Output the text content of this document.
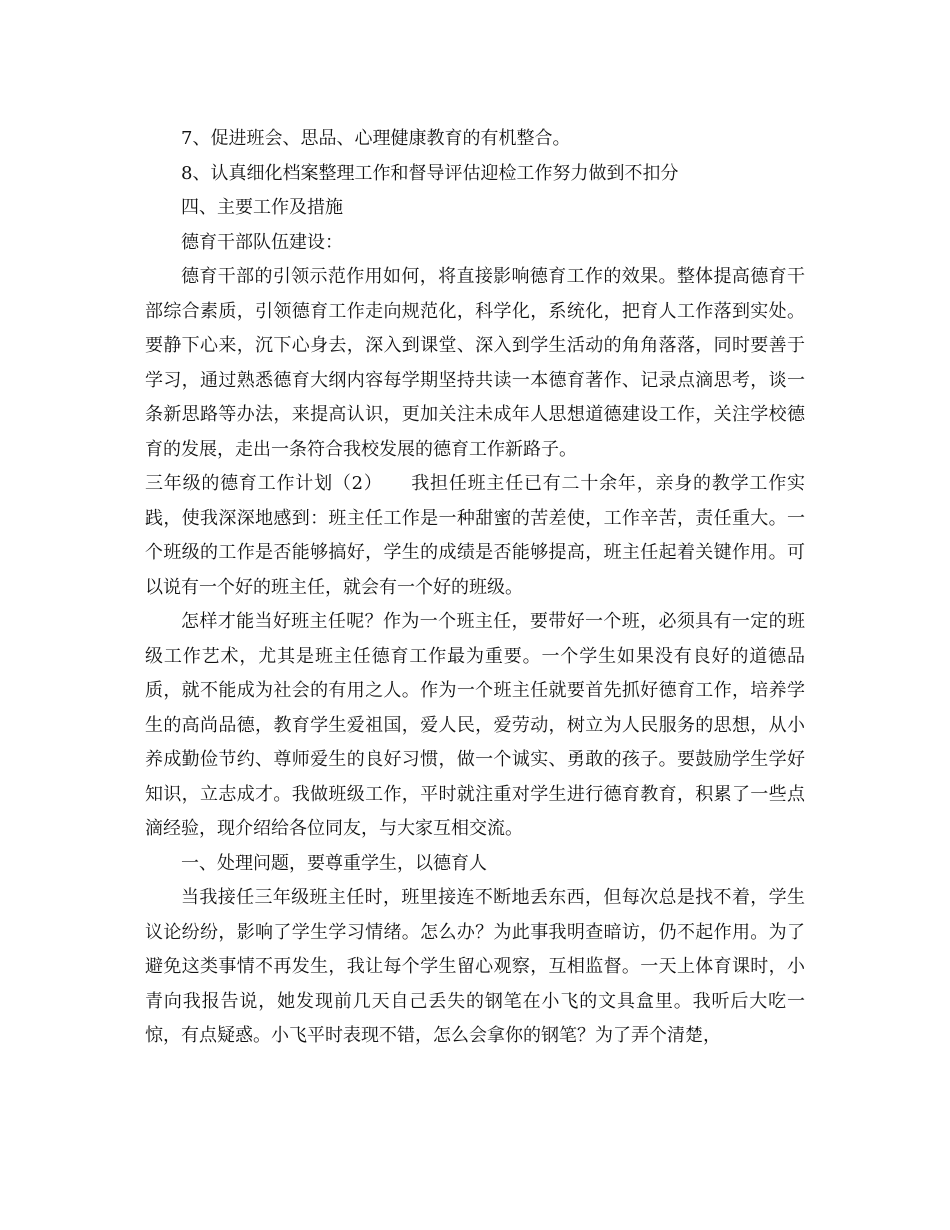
7、促进班会、思品、心理健康教育的有机整合。

8、认真细化档案整理工作和督导评估迎检工作努力做到不扣分

四、主要工作及措施

德育干部队伍建设：

德育干部的引领示范作用如何，将直接影响德育工作的效果。整体提高德育干部综合素质，引领德育工作走向规范化，科学化，系统化，把育人工作落到实处。要静下心来，沉下心身去，深入到课堂、深入到学生活动的角角落落，同时要善于学习，通过熟悉德育大纲内容每学期坚持共读一本德育著作、记录点滴思考，谈一条新思路等办法，来提高认识，更加关注未成年人思想道德建设工作，关注学校德育的发展，走出一条符合我校发展的德育工作新路子。

三年级的德育工作计划（2）　　我担任班主任已有二十余年，亲身的教学工作实践，使我深深地感到：班主任工作是一种甜蜜的苦差使，工作辛苦，责任重大。一个班级的工作是否能够搞好，学生的成绩是否能够提高，班主任起着关键作用。可以说有一个好的班主任，就会有一个好的班级。

怎样才能当好班主任呢？作为一个班主任，要带好一个班，必须具有一定的班级工作艺术，尤其是班主任德育工作最为重要。一个学生如果没有良好的道德品质，就不能成为社会的有用之人。作为一个班主任就要首先抓好德育工作，培养学生的高尚品德，教育学生爱祖国，爱人民，爱劳动，树立为人民服务的思想，从小养成勤俭节约、尊师爱生的良好习惯，做一个诚实、勇敢的孩子。要鼓励学生学好知识，立志成才。我做班级工作，平时就注重对学生进行德育教育，积累了一些点滴经验，现介绍给各位同友，与大家互相交流。

一、处理问题，要尊重学生，以德育人

当我接任三年级班主任时，班里接连不断地丢东西，但每次总是找不着，学生议论纷纷，影响了学生学习情绪。怎么办？为此事我明查暗访，仍不起作用。为了避免这类事情不再发生，我让每个学生留心观察，互相监督。一天上体育课时，小青向我报告说，她发现前几天自己丢失的钢笔在小飞的文具盒里。我听后大吃一惊，有点疑惑。小飞平时表现不错，怎么会拿你的钢笔？为了弄个清楚，
